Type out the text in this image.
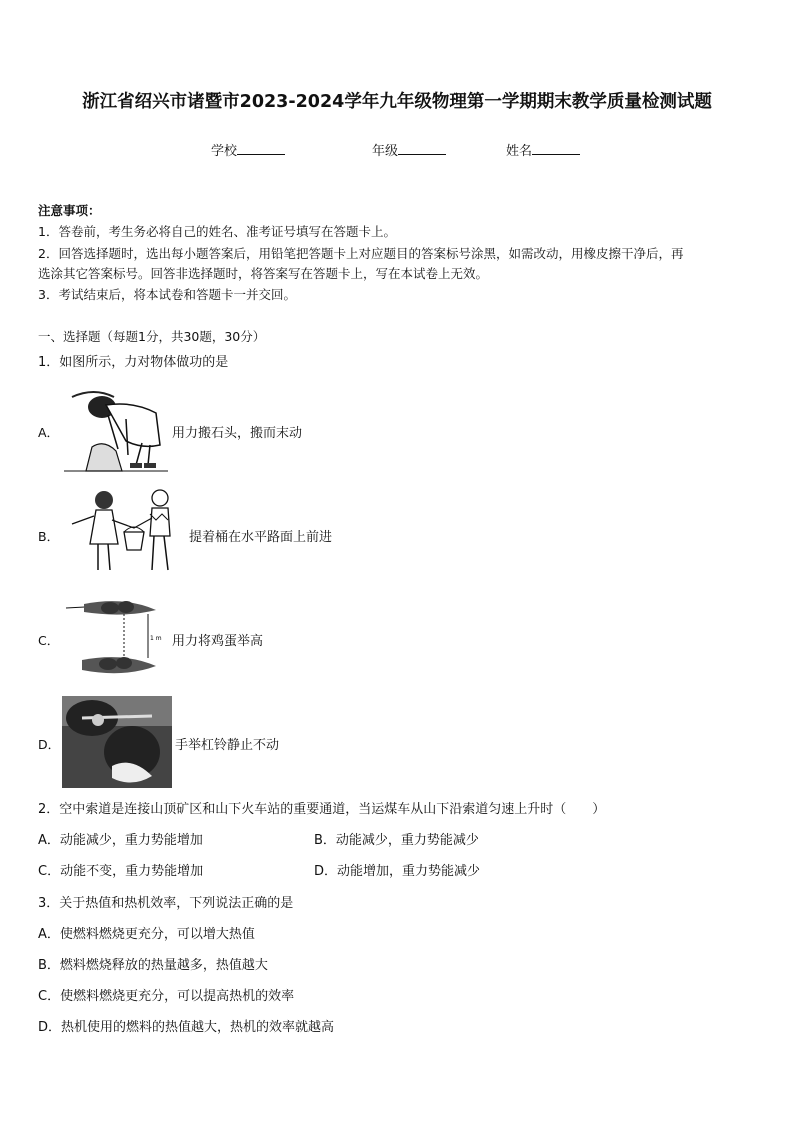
浙江省绍兴市诸暨市2023-2024学年九年级物理第一学期期末教学质量检测试题
学校	年级	姓名
注意事项：
1．答卷前，考生务必将自己的姓名、准考证号填写在答题卡上。
2．回答选择题时，选出每小题答案后，用铅笔把答题卡上对应题目的答案标号涂黑，如需改动，用橡皮擦干净后，再
选涂其它答案标号。回答非选择题时，将答案写在答题卡上，写在本试卷上无效。
3．考试结束后，将本试卷和答题卡一并交回。
一、选择题（每题1分，共30题，30分）
1．如图所示，力对物体做功的是
A．	用力搬石头，搬而末动
B．	提着桶在水平路面上前进
C．	1 m 用力将鸡蛋举高
D．	手举杠铃静止不动
2．空中索道是连接山顶矿区和山下火车站的重要通道，当运煤车从山下沿索道匀速上升时（　　）
A．动能减少，重力势能增加	B．动能减少，重力势能减少
C．动能不变，重力势能增加	D．动能增加，重力势能减少
3．关于热值和热机效率，下列说法正确的是
A．使燃料燃烧更充分，可以增大热值
B．燃料燃烧释放的热量越多，热值越大
C．使燃料燃烧更充分，可以提高热机的效率
D．热机使用的燃料的热值越大，热机的效率就越高
